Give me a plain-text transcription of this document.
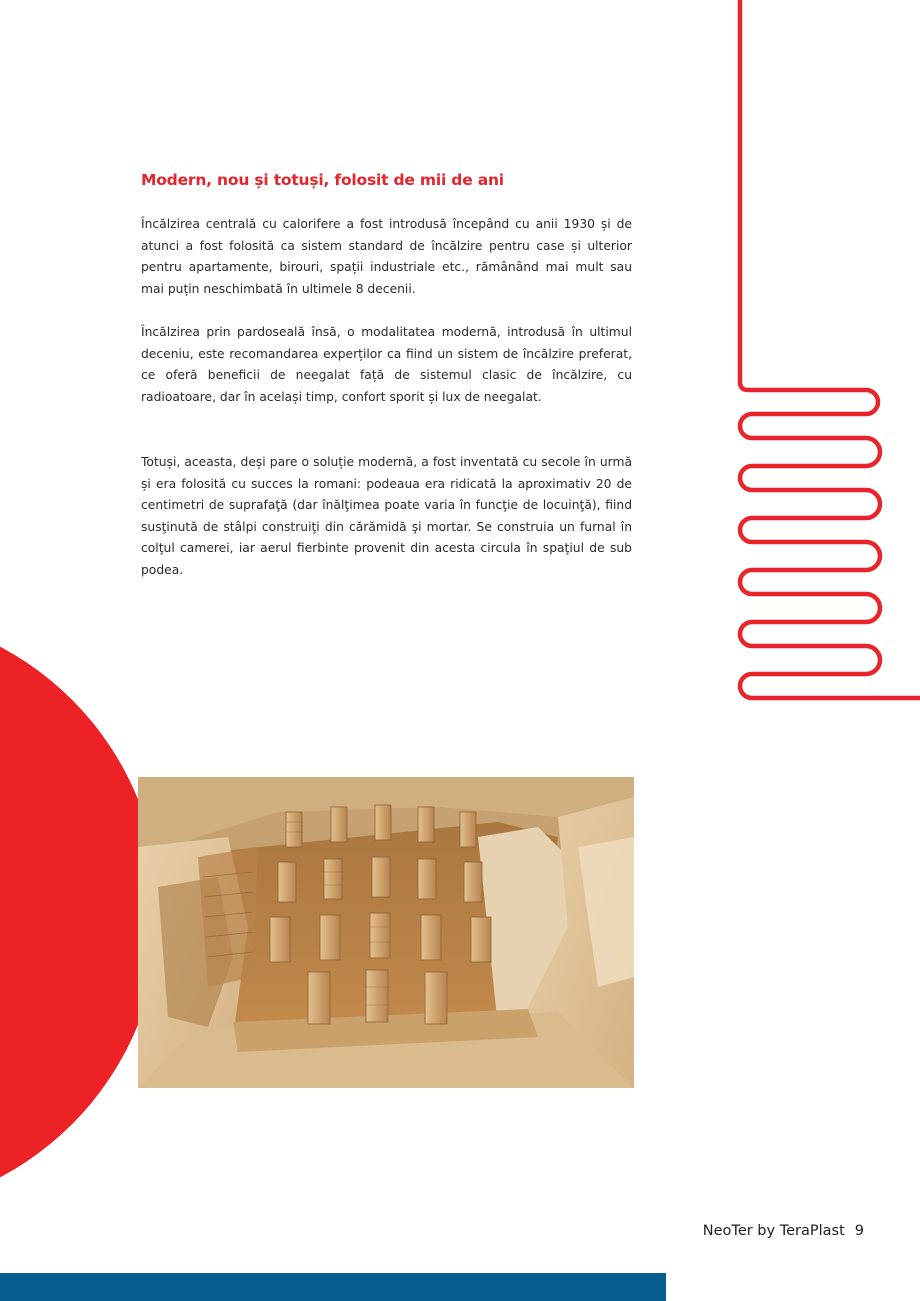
Modern, nou și totuși, folosit de mii de ani

Încălzirea centrală cu calorifere a fost introdusă începând cu anii 1930 și de atunci a fost folosită ca sistem standard de încălzire pentru case și ulterior pentru apartamente, birouri, spații industriale etc., rămânând mai mult sau mai puțin neschimbată în ultimele 8 decenii.

Încălzirea prin pardoseală însă, o modalitatea modernă, introdusă în ultimul deceniu, este recomandarea experților ca fiind un sistem de încălzire preferat, ce oferă beneficii de neegalat față de sistemul clasic de încălzire, cu radioatoare, dar în același timp, confort sporit și lux de neegalat.

Totuși, aceasta, deși pare o soluție modernă, a fost inventată cu secole în urmă și era folosită cu succes la romani: podeaua era ridicată la aproximativ 20 de centimetri de suprafaţă (dar înălţimea poate varia în funcţie de locuinţă), fiind susţinută de stâlpi construiţi din cărămidă şi mortar. Se construia un furnal în colţul camerei, iar aerul fierbinte provenit din acesta circula în spaţiul de sub podea.

NeoTer by TeraPlast 9
